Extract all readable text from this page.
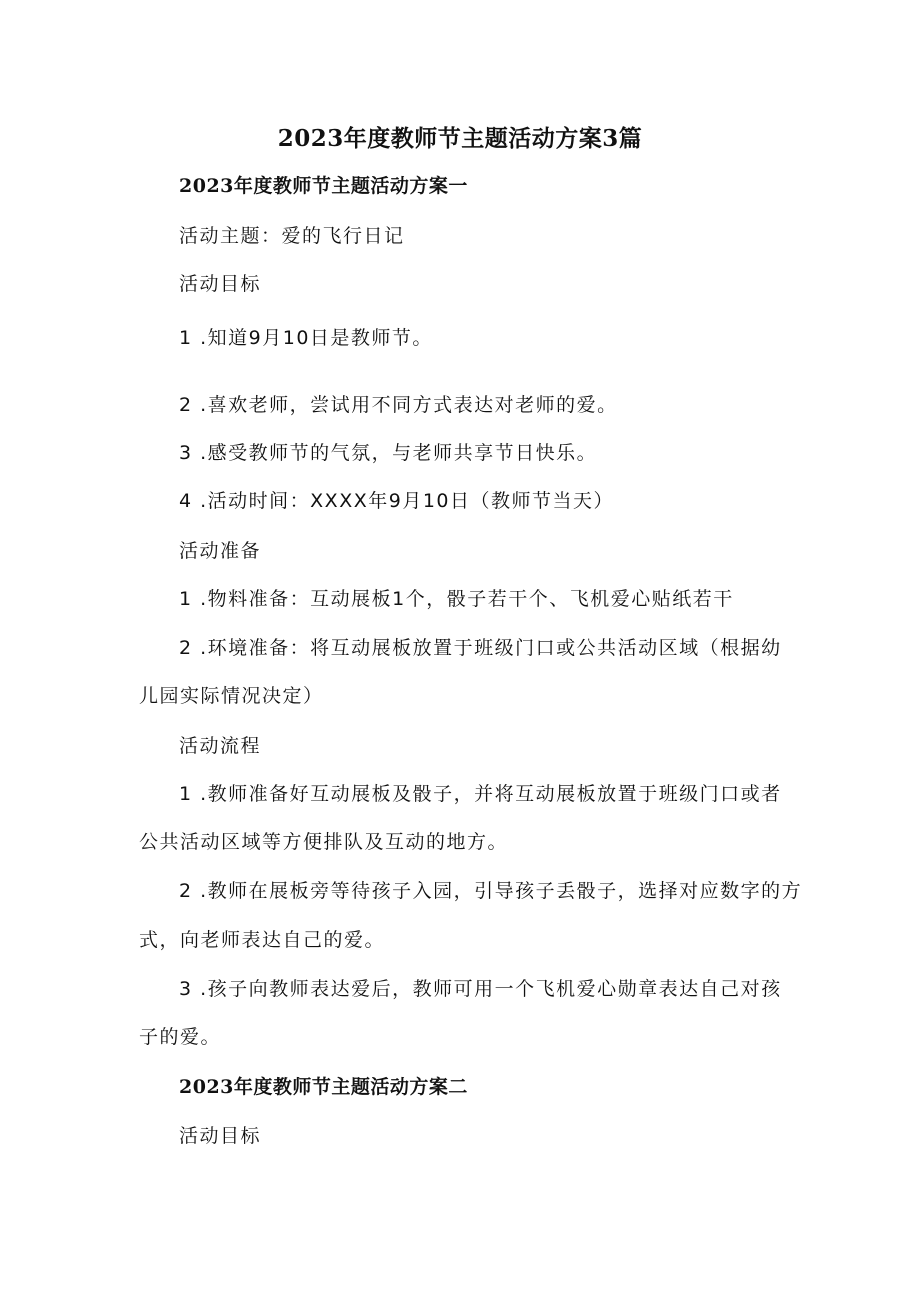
2023年度教师节主题活动方案3篇

2023年度教师节主题活动方案一

活动主题：爱的飞行日记

活动目标

1 .知道9月10日是教师节。

2 .喜欢老师，尝试用不同方式表达对老师的爱。

3 .感受教师节的气氛，与老师共享节日快乐。

4 .活动时间：XXXX年9月10日（教师节当天）

活动准备

1 .物料准备：互动展板1个，骰子若干个、飞机爱心贴纸若干

2 .环境准备：将互动展板放置于班级门口或公共活动区域（根据幼

儿园实际情况决定）

活动流程

1 .教师准备好互动展板及骰子，并将互动展板放置于班级门口或者

公共活动区域等方便排队及互动的地方。

2 .教师在展板旁等待孩子入园，引导孩子丢骰子，选择对应数字的方

式，向老师表达自己的爱。

3 .孩子向教师表达爱后，教师可用一个飞机爱心勋章表达自己对孩

子的爱。

2023年度教师节主题活动方案二

活动目标
